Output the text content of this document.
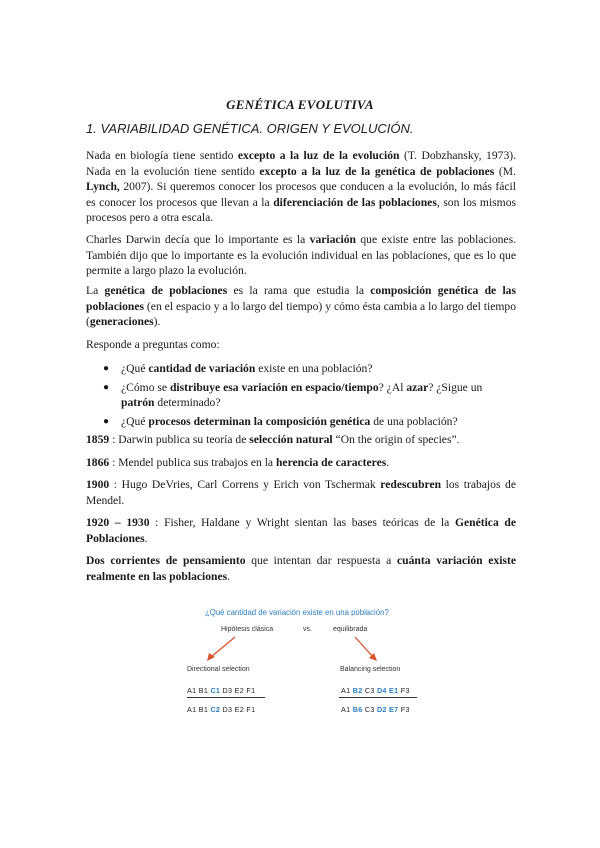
GENÉTICA EVOLUTIVA
1. VARIABILIDAD GENÉTICA. ORIGEN Y EVOLUCIÓN.
Nada en biología tiene sentido excepto a la luz de la evolución (T. Dobzhansky, 1973). Nada en la evolución tiene sentido excepto a la luz de la genética de poblaciones (M. Lynch, 2007). Si queremos conocer los procesos que conducen a la evolución, lo más fácil es conocer los procesos que llevan a la diferenciación de las poblaciones, son los mismos procesos pero a otra escala.
Charles Darwin decía que lo importante es la variación que existe entre las poblaciones. También dijo que lo importante es la evolución individual en las poblaciones, que es lo que permite a largo plazo la evolución.
La genética de poblaciones es la rama que estudia la composición genética de las poblaciones (en el espacio y a lo largo del tiempo) y cómo ésta cambia a lo largo del tiempo (generaciones).
Responde a preguntas como:
● ¿Qué cantidad de variación existe en una población?
● ¿Cómo se distribuye esa variación en espacio/tiempo? ¿Al azar? ¿Sigue un patrón determinado?
● ¿Qué procesos determinan la composición genética de una población?
1859 : Darwin publica su teoría de selección natural “On the origin of species”.
1866 : Mendel publica sus trabajos en la herencia de caracteres.
1900 : Hugo DeVries, Carl Correns y Erich von Tschermak redescubren los trabajos de Mendel.
1920 – 1930 : Fisher, Haldane y Wright sientan las bases teóricas de la Genética de Poblaciones.
Dos corrientes de pensamiento que intentan dar respuesta a cuánta variación existe realmente en las poblaciones.
¿Qué cantidad de variación existe en una población?
Hipótesis clásica	vs.	equilibrada
Directional selection	Balancing selection
A1 B1 C1 D3 E2 F1
A1 B1 C2 D3 E2 F1
A1 B2 C3 D4 E1 F3
A1 B6 C3 D2 E7 F3
